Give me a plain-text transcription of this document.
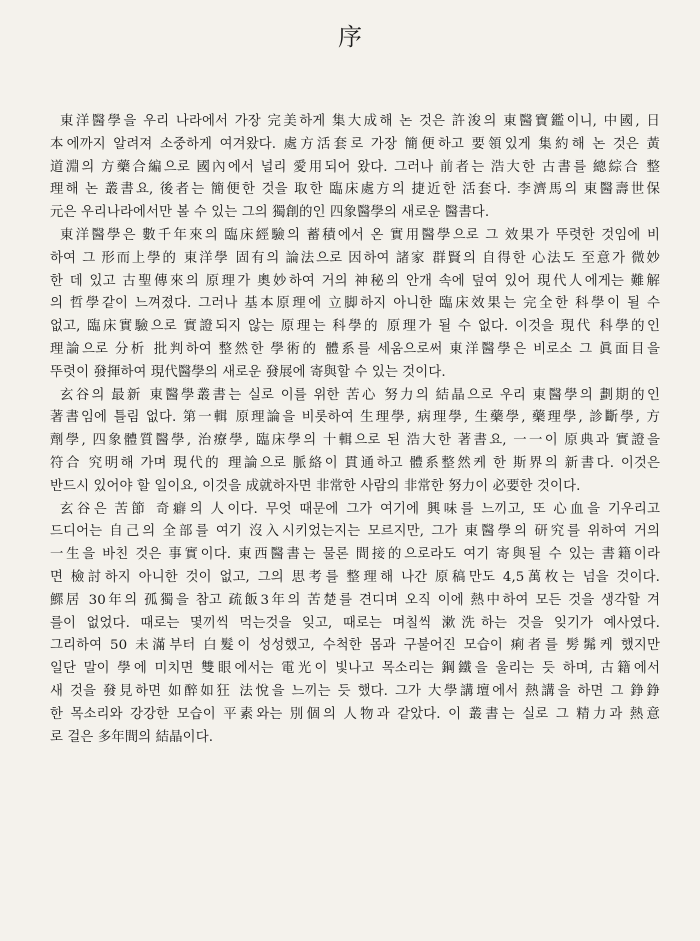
序
東洋醫學을 우리 나라에서 가장 完美하게 集大成해 논 것은 許浚의 東醫寶鑑이니, 中國, 日
本에까지 알려져 소중하게 여겨왔다. 處方活套로 가장 簡便하고 要領있게 集約해 논 것은 黃
道淵의 方藥合編으로 國內에서 널리 愛用되어 왔다. 그러나 前者는 浩大한 古書를 總綜合 整
理해 논 叢書요, 後者는 簡便한 것을 取한 臨床處方의 捷近한 活套다. 李濟馬의 東醫壽世保
元은 우리나라에서만 볼 수 있는 그의 獨創的인 四象醫學의 새로운 醫書다.
東洋醫學은 數千年來의 臨床經驗의 蓄積에서 온 實用醫學으로 그 效果가 뚜렷한 것임에 비
하여 그 形而上學的 東洋學 固有의 論法으로 因하여 諸家 群賢의 自得한 心法도 至意가 微妙
한 데 있고 古聖傳來의 原理가 奧妙하여 거의 神秘의 안개 속에 덮여 있어 現代人에게는 難解
의 哲學같이 느껴졌다. 그러나 基本原理에 立脚하지 아니한 臨床效果는 完全한 科學이 될 수
없고, 臨床實驗으로 實證되지 않는 原理는 科學的 原理가 될 수 없다. 이것을 現代 科學的인
理論으로 分析 批判하여 整然한 學術的 體系를 세움으로써 東洋醫學은 비로소 그 眞面目을
뚜렷이 發揮하여 現代醫學의 새로운 發展에 寄與할 수 있는 것이다.
玄谷의 最新 東醫學叢書는 실로 이를 위한 苦心 努力의 結晶으로 우리 東醫學의 劃期的인
著書임에 틀림 없다. 第一輯 原理論을 비롯하여 生理學, 病理學, 生藥學, 藥理學, 診斷學, 方
劑學, 四象體質醫學, 治療學, 臨床學의 十輯으로 된 浩大한 著書요, 一一이 原典과 實證을
符合 究明해 가며 現代的 理論으로 脈絡이 貫通하고 體系整然케 한 斯界의 新書다. 이것은
반드시 있어야 할 일이요, 이것을 成就하자면 非常한 사람의 非常한 努力이 必要한 것이다.
玄谷은 苦節 奇癖의 人이다. 무엇 때문에 그가 여기에 興味를 느끼고, 또 心血을 기우리고
드디어는 自己의 全部를 여기 沒入시키었는지는 모르지만, 그가 東醫學의 研究를 위하여 거의
一生을 바친 것은 事實이다. 東西醫書는 물론 間接的으로라도 여기 寄與될 수 있는 書籍이라
면 檢討하지 아니한 것이 없고, 그의 思考를 整理해 나간 原稿만도 4,5萬枚는 넘을 것이다.
鰥居 30年의 孤獨을 참고 疏飯3年의 苦楚를 견디며 오직 이에 熱中하여 모든 것을 생각할 겨
를이 없었다. 때로는 몇끼씩 먹는것을 잊고, 때로는 며칠씩 漱洗하는 것을 잊기가 예사였다.
그리하여 50 未滿부터 白髮이 성성했고, 수척한 몸과 구불어진 모습이 痢者를 髣髴케 했지만
일단 말이 學에 미치면 雙眼에서는 電光이 빛나고 목소리는 鋼鐵을 울리는 듯 하며, 古籍에서
새 것을 發見하면 如醉如狂 法悅을 느끼는 듯 했다. 그가 大學講壇에서 熱講을 하면 그 錚錚
한 목소리와 강강한 모습이 平素와는 別個의 人物과 같았다. 이 叢書는 실로 그 精力과 熱意
로 걸은 多年間의 結晶이다.
